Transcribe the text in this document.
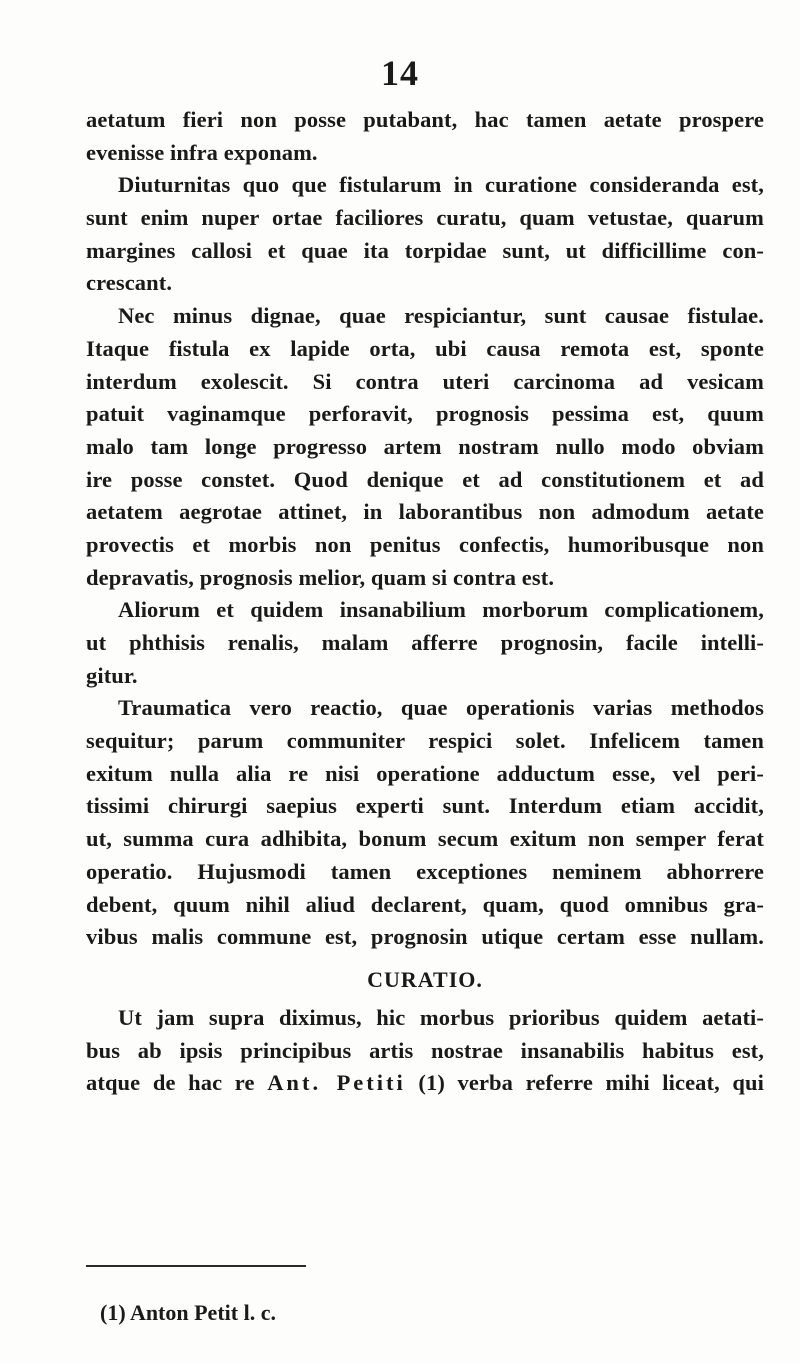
14
aetatum fieri non posse putabant, hac tamen aetate prospere
evenisse infra exponam.
Diuturnitas quo que fistularum in curatione consideranda est,
sunt enim nuper ortae faciliores curatu, quam vetustae, quarum
margines callosi et quae ita torpidae sunt, ut difficillime con-
crescant.
Nec minus dignae, quae respiciantur, sunt causae fistulae.
Itaque fistula ex lapide orta, ubi causa remota est, sponte
interdum exolescit. Si contra uteri carcinoma ad vesicam
patuit vaginamque perforavit, prognosis pessima est, quum
malo tam longe progresso artem nostram nullo modo obviam
ire posse constet. Quod denique et ad constitutionem et ad
aetatem aegrotae attinet, in laborantibus non admodum aetate
provectis et morbis non penitus confectis, humoribusque non
depravatis, prognosis melior, quam si contra est.
Aliorum et quidem insanabilium morborum complicationem,
ut phthisis renalis, malam afferre prognosin, facile intelli-
gitur.
Traumatica vero reactio, quae operationis varias methodos
sequitur; parum communiter respici solet. Infelicem tamen
exitum nulla alia re nisi operatione adductum esse, vel peri-
tissimi chirurgi saepius experti sunt. Interdum etiam accidit,
ut, summa cura adhibita, bonum secum exitum non semper ferat
operatio. Hujusmodi tamen exceptiones neminem abhorrere
debent, quum nihil aliud declarent, quam, quod omnibus gra-
vibus malis commune est, prognosin utique certam esse nullam.
CURATIO.
Ut jam supra diximus, hic morbus prioribus quidem aetati-
bus ab ipsis principibus artis nostrae insanabilis habitus est,
atque de hac re Ant. Petiti (1) verba referre mihi liceat, qui
(1) Anton Petit l. c.
